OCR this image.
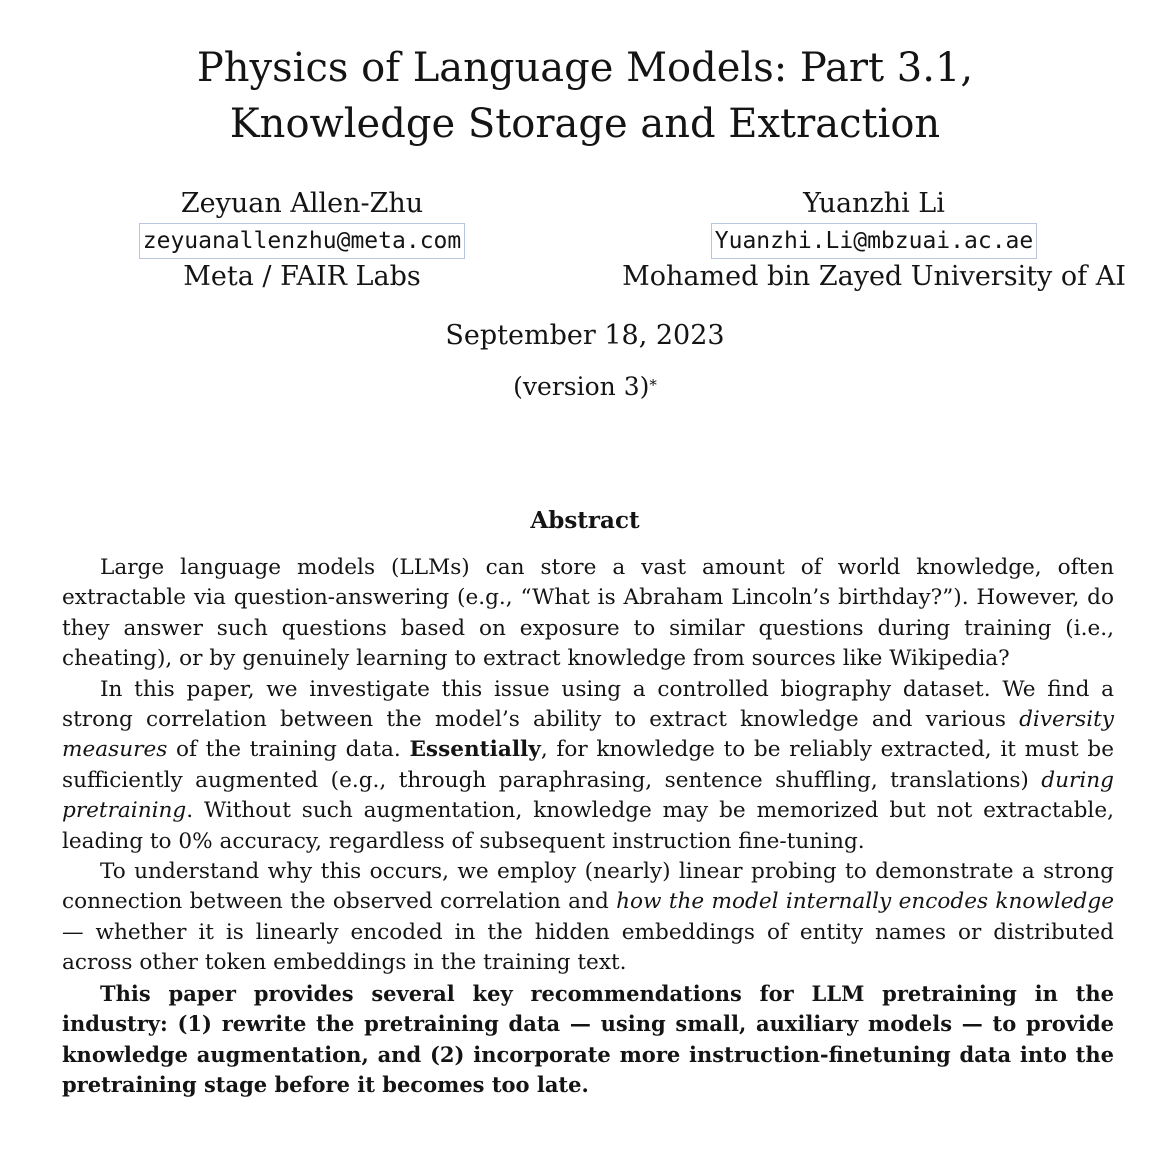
Physics of Language Models: Part 3.1,
Knowledge Storage and Extraction
Zeyuan Allen-Zhu
zeyuanallenzhu@meta.com
Meta / FAIR Labs
Yuanzhi Li
Yuanzhi.Li@mbzuai.ac.ae
Mohamed bin Zayed University of AI
September 18, 2023
(version 3)*
Abstract

Large language models (LLMs) can store a vast amount of world knowledge, often extractable via question-answering (e.g., “What is Abraham Lincoln’s birthday?”). However, do they answer such questions based on exposure to similar questions during training (i.e., cheating), or by genuinely learning to extract knowledge from sources like Wikipedia?

In this paper, we investigate this issue using a controlled biography dataset. We find a strong correlation between the model’s ability to extract knowledge and various diversity measures of the training data. Essentially, for knowledge to be reliably extracted, it must be sufficiently augmented (e.g., through paraphrasing, sentence shuffling, translations) during pretraining. Without such augmentation, knowledge may be memorized but not extractable, leading to 0% accuracy, regardless of subsequent instruction fine-tuning.

To understand why this occurs, we employ (nearly) linear probing to demonstrate a strong connection between the observed correlation and how the model internally encodes knowledge — whether it is linearly encoded in the hidden embeddings of entity names or distributed across other token embeddings in the training text.

This paper provides several key recommendations for LLM pretraining in the industry: (1) rewrite the pretraining data — using small, auxiliary models — to provide knowledge augmentation, and (2) incorporate more instruction-finetuning data into the pretraining stage before it becomes too late.
